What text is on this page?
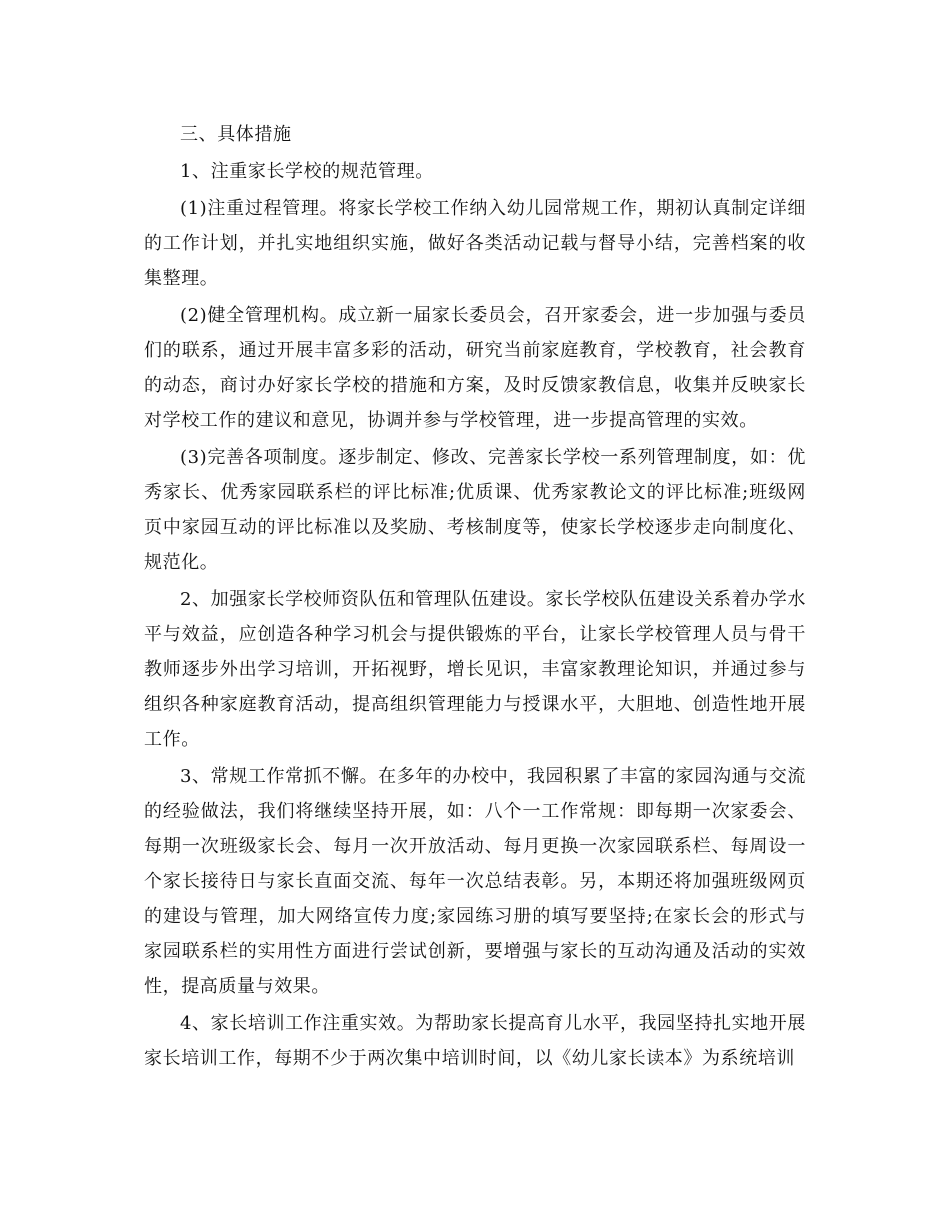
三、具体措施

1、注重家长学校的规范管理。

(1)注重过程管理。将家长学校工作纳入幼儿园常规工作，期初认真制定详细的工作计划，并扎实地组织实施，做好各类活动记载与督导小结，完善档案的收集整理。

(2)健全管理机构。成立新一届家长委员会，召开家委会，进一步加强与委员们的联系，通过开展丰富多彩的活动，研究当前家庭教育，学校教育，社会教育的动态，商讨办好家长学校的措施和方案，及时反馈家教信息，收集并反映家长对学校工作的建议和意见，协调并参与学校管理，进一步提高管理的实效。

(3)完善各项制度。逐步制定、修改、完善家长学校一系列管理制度，如：优秀家长、优秀家园联系栏的评比标准;优质课、优秀家教论文的评比标准;班级网页中家园互动的评比标准以及奖励、考核制度等，使家长学校逐步走向制度化、规范化。

2、加强家长学校师资队伍和管理队伍建设。家长学校队伍建设关系着办学水平与效益，应创造各种学习机会与提供锻炼的平台，让家长学校管理人员与骨干教师逐步外出学习培训，开拓视野，增长见识，丰富家教理论知识，并通过参与组织各种家庭教育活动，提高组织管理能力与授课水平，大胆地、创造性地开展工作。

3、常规工作常抓不懈。在多年的办校中，我园积累了丰富的家园沟通与交流的经验做法，我们将继续坚持开展，如：八个一工作常规：即每期一次家委会、每期一次班级家长会、每月一次开放活动、每月更换一次家园联系栏、每周设一个家长接待日与家长直面交流、每年一次总结表彰。另，本期还将加强班级网页的建设与管理，加大网络宣传力度;家园练习册的填写要坚持;在家长会的形式与家园联系栏的实用性方面进行尝试创新，要增强与家长的互动沟通及活动的实效性，提高质量与效果。

4、家长培训工作注重实效。为帮助家长提高育儿水平，我园坚持扎实地开展家长培训工作，每期不少于两次集中培训时间，以《幼儿家长读本》为系统培训
